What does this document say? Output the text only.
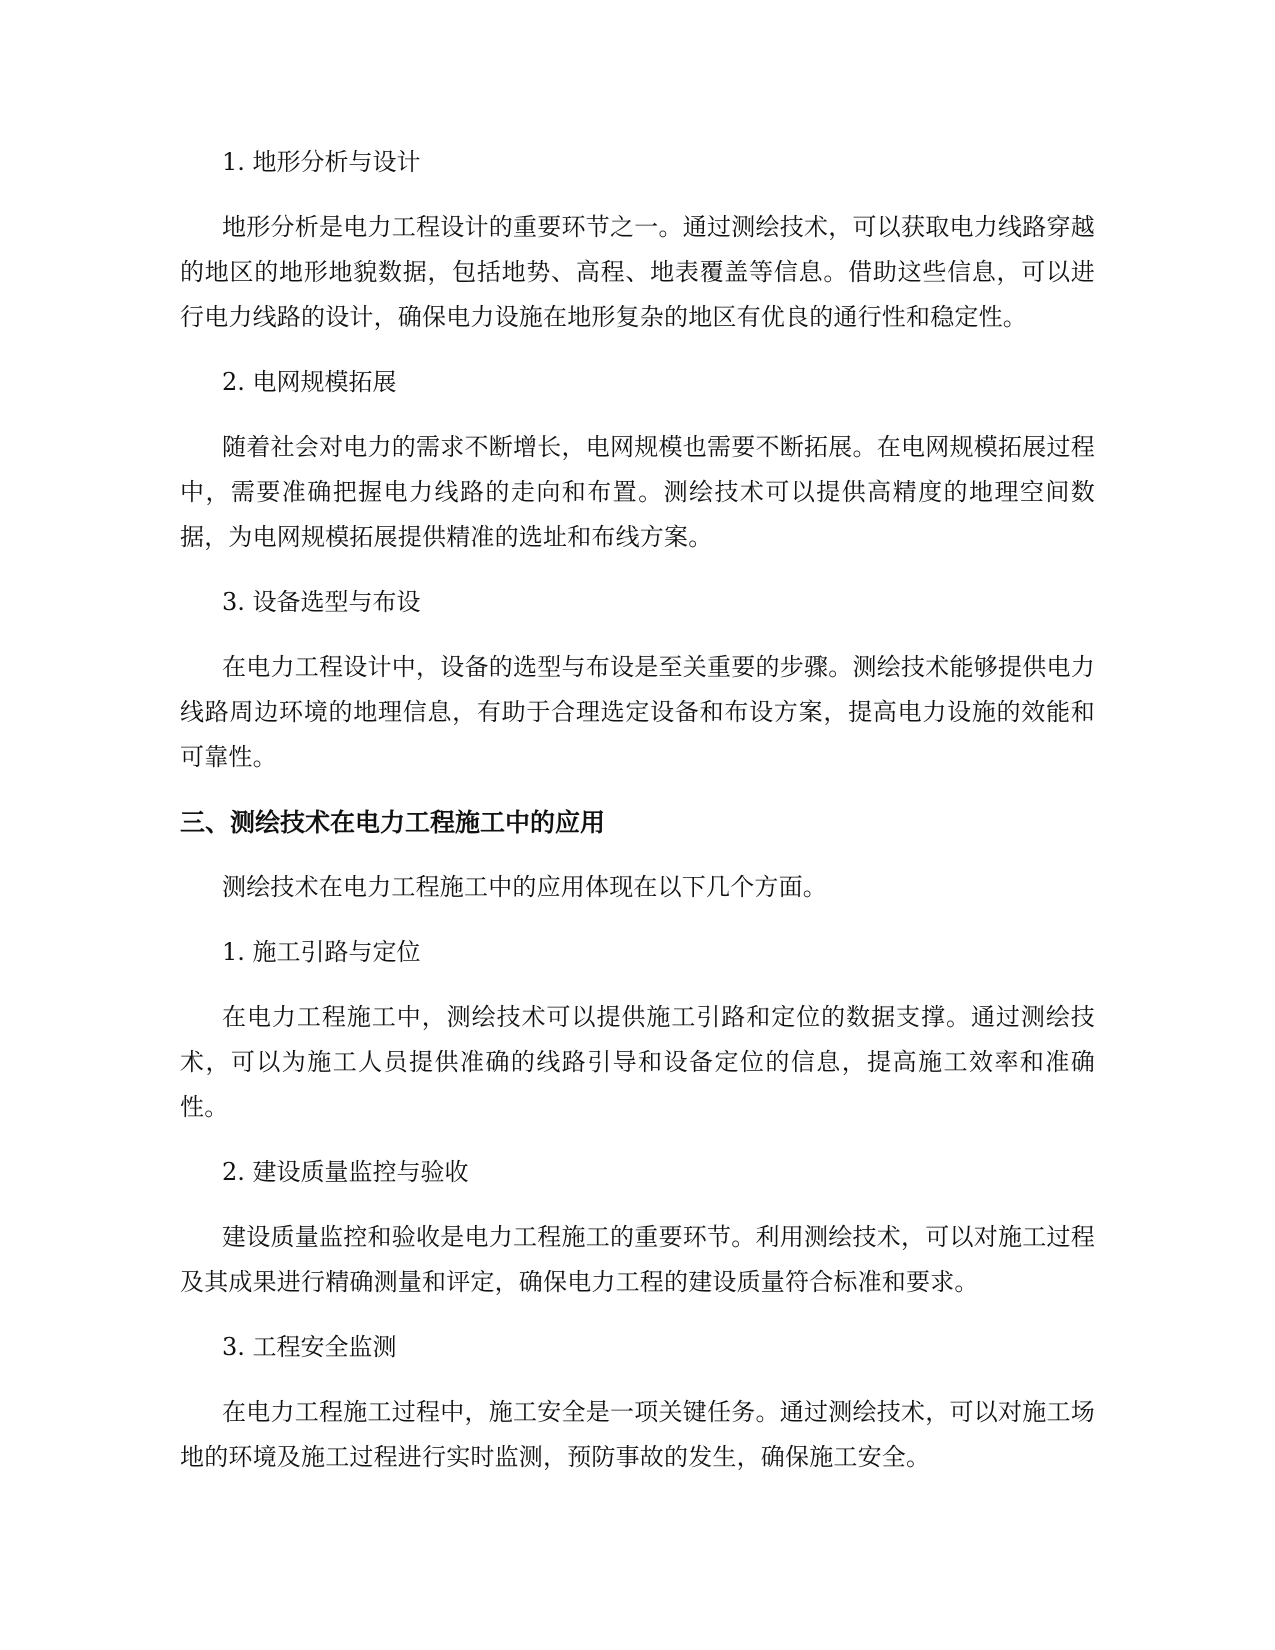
1. 地形分析与设计
地形分析是电力工程设计的重要环节之一。通过测绘技术，可以获取电力线路穿越的地区的地形地貌数据，包括地势、高程、地表覆盖等信息。借助这些信息，可以进行电力线路的设计，确保电力设施在地形复杂的地区有优良的通行性和稳定性。
2. 电网规模拓展
随着社会对电力的需求不断增长，电网规模也需要不断拓展。在电网规模拓展过程中，需要准确把握电力线路的走向和布置。测绘技术可以提供高精度的地理空间数据，为电网规模拓展提供精准的选址和布线方案。
3. 设备选型与布设
在电力工程设计中，设备的选型与布设是至关重要的步骤。测绘技术能够提供电力线路周边环境的地理信息，有助于合理选定设备和布设方案，提高电力设施的效能和可靠性。
三、测绘技术在电力工程施工中的应用
测绘技术在电力工程施工中的应用体现在以下几个方面。
1. 施工引路与定位
在电力工程施工中，测绘技术可以提供施工引路和定位的数据支撑。通过测绘技术，可以为施工人员提供准确的线路引导和设备定位的信息，提高施工效率和准确性。
2. 建设质量监控与验收
建设质量监控和验收是电力工程施工的重要环节。利用测绘技术，可以对施工过程及其成果进行精确测量和评定，确保电力工程的建设质量符合标准和要求。
3. 工程安全监测
在电力工程施工过程中，施工安全是一项关键任务。通过测绘技术，可以对施工场地的环境及施工过程进行实时监测，预防事故的发生，确保施工安全。
